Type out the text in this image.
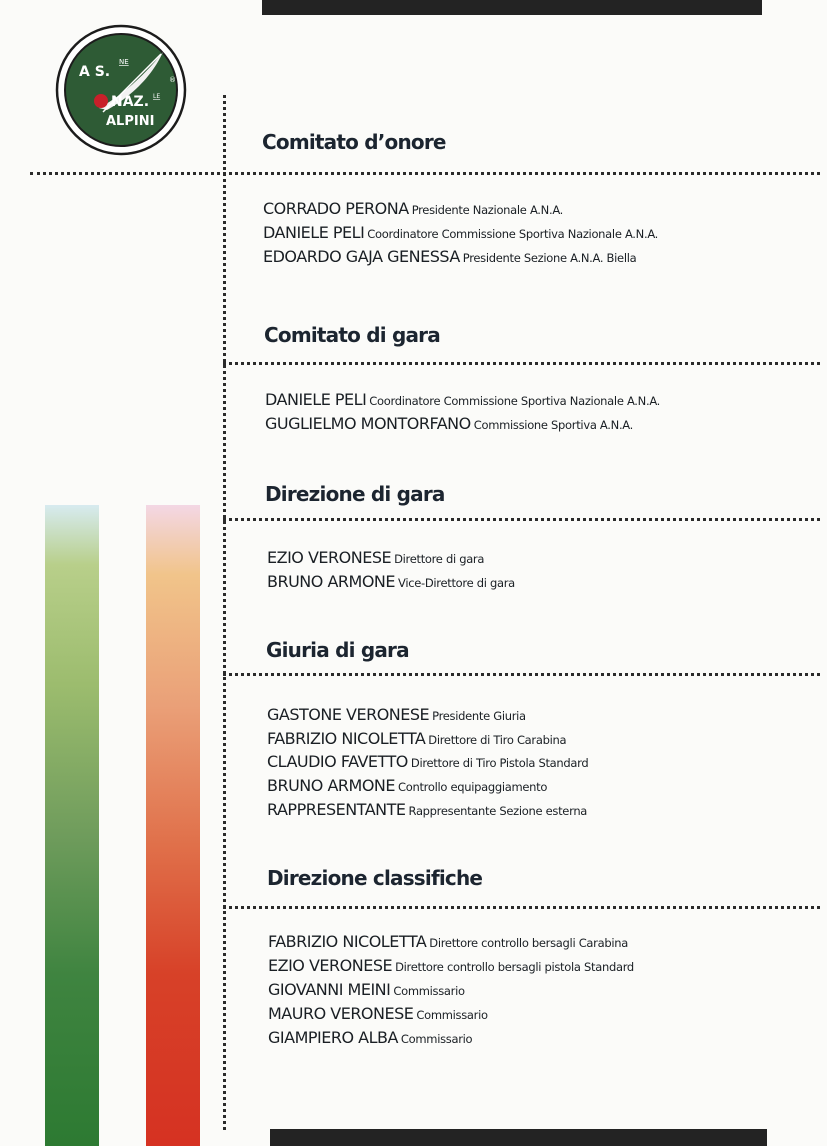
A S.
NE
NAZ. LE
ALPINI
®
Comitato d’onore
CORRADO PERONA Presidente Nazionale A.N.A.
DANIELE PELI Coordinatore Commissione Sportiva Nazionale A.N.A.
EDOARDO GAJA GENESSA Presidente Sezione A.N.A. Biella
Comitato di gara
DANIELE PELI Coordinatore Commissione Sportiva Nazionale A.N.A.
GUGLIELMO MONTORFANO Commissione Sportiva A.N.A.
Direzione di gara
EZIO VERONESE Direttore di gara
BRUNO ARMONE Vice-Direttore di gara
Giuria di gara
GASTONE VERONESE Presidente Giuria
FABRIZIO NICOLETTA Direttore di Tiro Carabina
CLAUDIO FAVETTO Direttore di Tiro Pistola Standard
BRUNO ARMONE Controllo equipaggiamento
RAPPRESENTANTE Rappresentante Sezione esterna
Direzione classifiche
FABRIZIO NICOLETTA Direttore controllo bersagli Carabina
EZIO VERONESE Direttore controllo bersagli pistola Standard
GIOVANNI MEINI Commissario
MAURO VERONESE Commissario
GIAMPIERO ALBA Commissario
